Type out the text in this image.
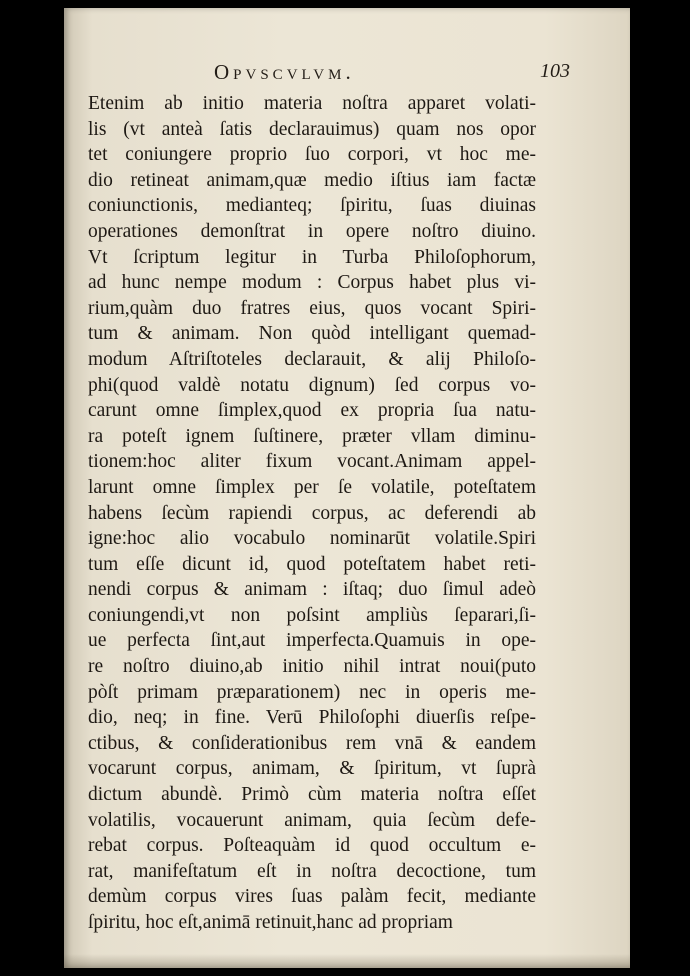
Opvscvlvm.	103
Etenim ab initio materia noſtra apparet volati-
lis (vt anteà ſatis declarauimus) quam nos opor
tet coniungere proprio ſuo corpori, vt hoc me-
dio retineat animam,quæ medio iſtius iam factæ
coniunctionis, medianteq; ſpiritu, ſuas diuinas
operationes demonſtrat in opere noſtro diuino.
Vt ſcriptum legitur in Turba Philoſophorum,
ad hunc nempe modum : Corpus habet plus vi-
rium,quàm duo fratres eius, quos vocant Spiri-
tum & animam. Non quòd intelligant quemad-
modum Aſtriſtoteles declarauit, & alij Philoſo-
phi(quod valdè notatu dignum) ſed corpus vo-
carunt omne ſimplex,quod ex propria ſua natu-
ra poteſt ignem ſuſtinere, præter vllam diminu-
tionem:hoc aliter fixum vocant.Animam appel-
larunt omne ſimplex per ſe volatile, poteſtatem
habens ſecùm rapiendi corpus, ac deferendi ab
igne:hoc alio vocabulo nominarūt volatile.Spiri
tum eſſe dicunt id, quod poteſtatem habet reti-
nendi corpus & animam : iſtaq; duo ſimul adeò
coniungendi,vt non poſsint ampliùs ſeparari,ſi-
ue perfecta ſint,aut imperfecta.Quamuis in ope-
re noſtro diuino,ab initio nihil intrat noui(puto
pòſt primam præparationem) nec in operis me-
dio, neq; in fine. Verū Philoſophi diuerſis reſpe-
ctibus, & conſiderationibus rem vnā & eandem
vocarunt corpus, animam, & ſpiritum, vt ſuprà
dictum abundè. Primò cùm materia noſtra eſſet
volatilis, vocauerunt animam, quia ſecùm defe-
rebat corpus. Poſteaquàm id quod occultum e-
rat, manifeſtatum eſt in noſtra decoctione, tum
demùm corpus vires ſuas palàm fecit, mediante
ſpiritu, hoc eſt,animā retinuit,hanc ad propriam
